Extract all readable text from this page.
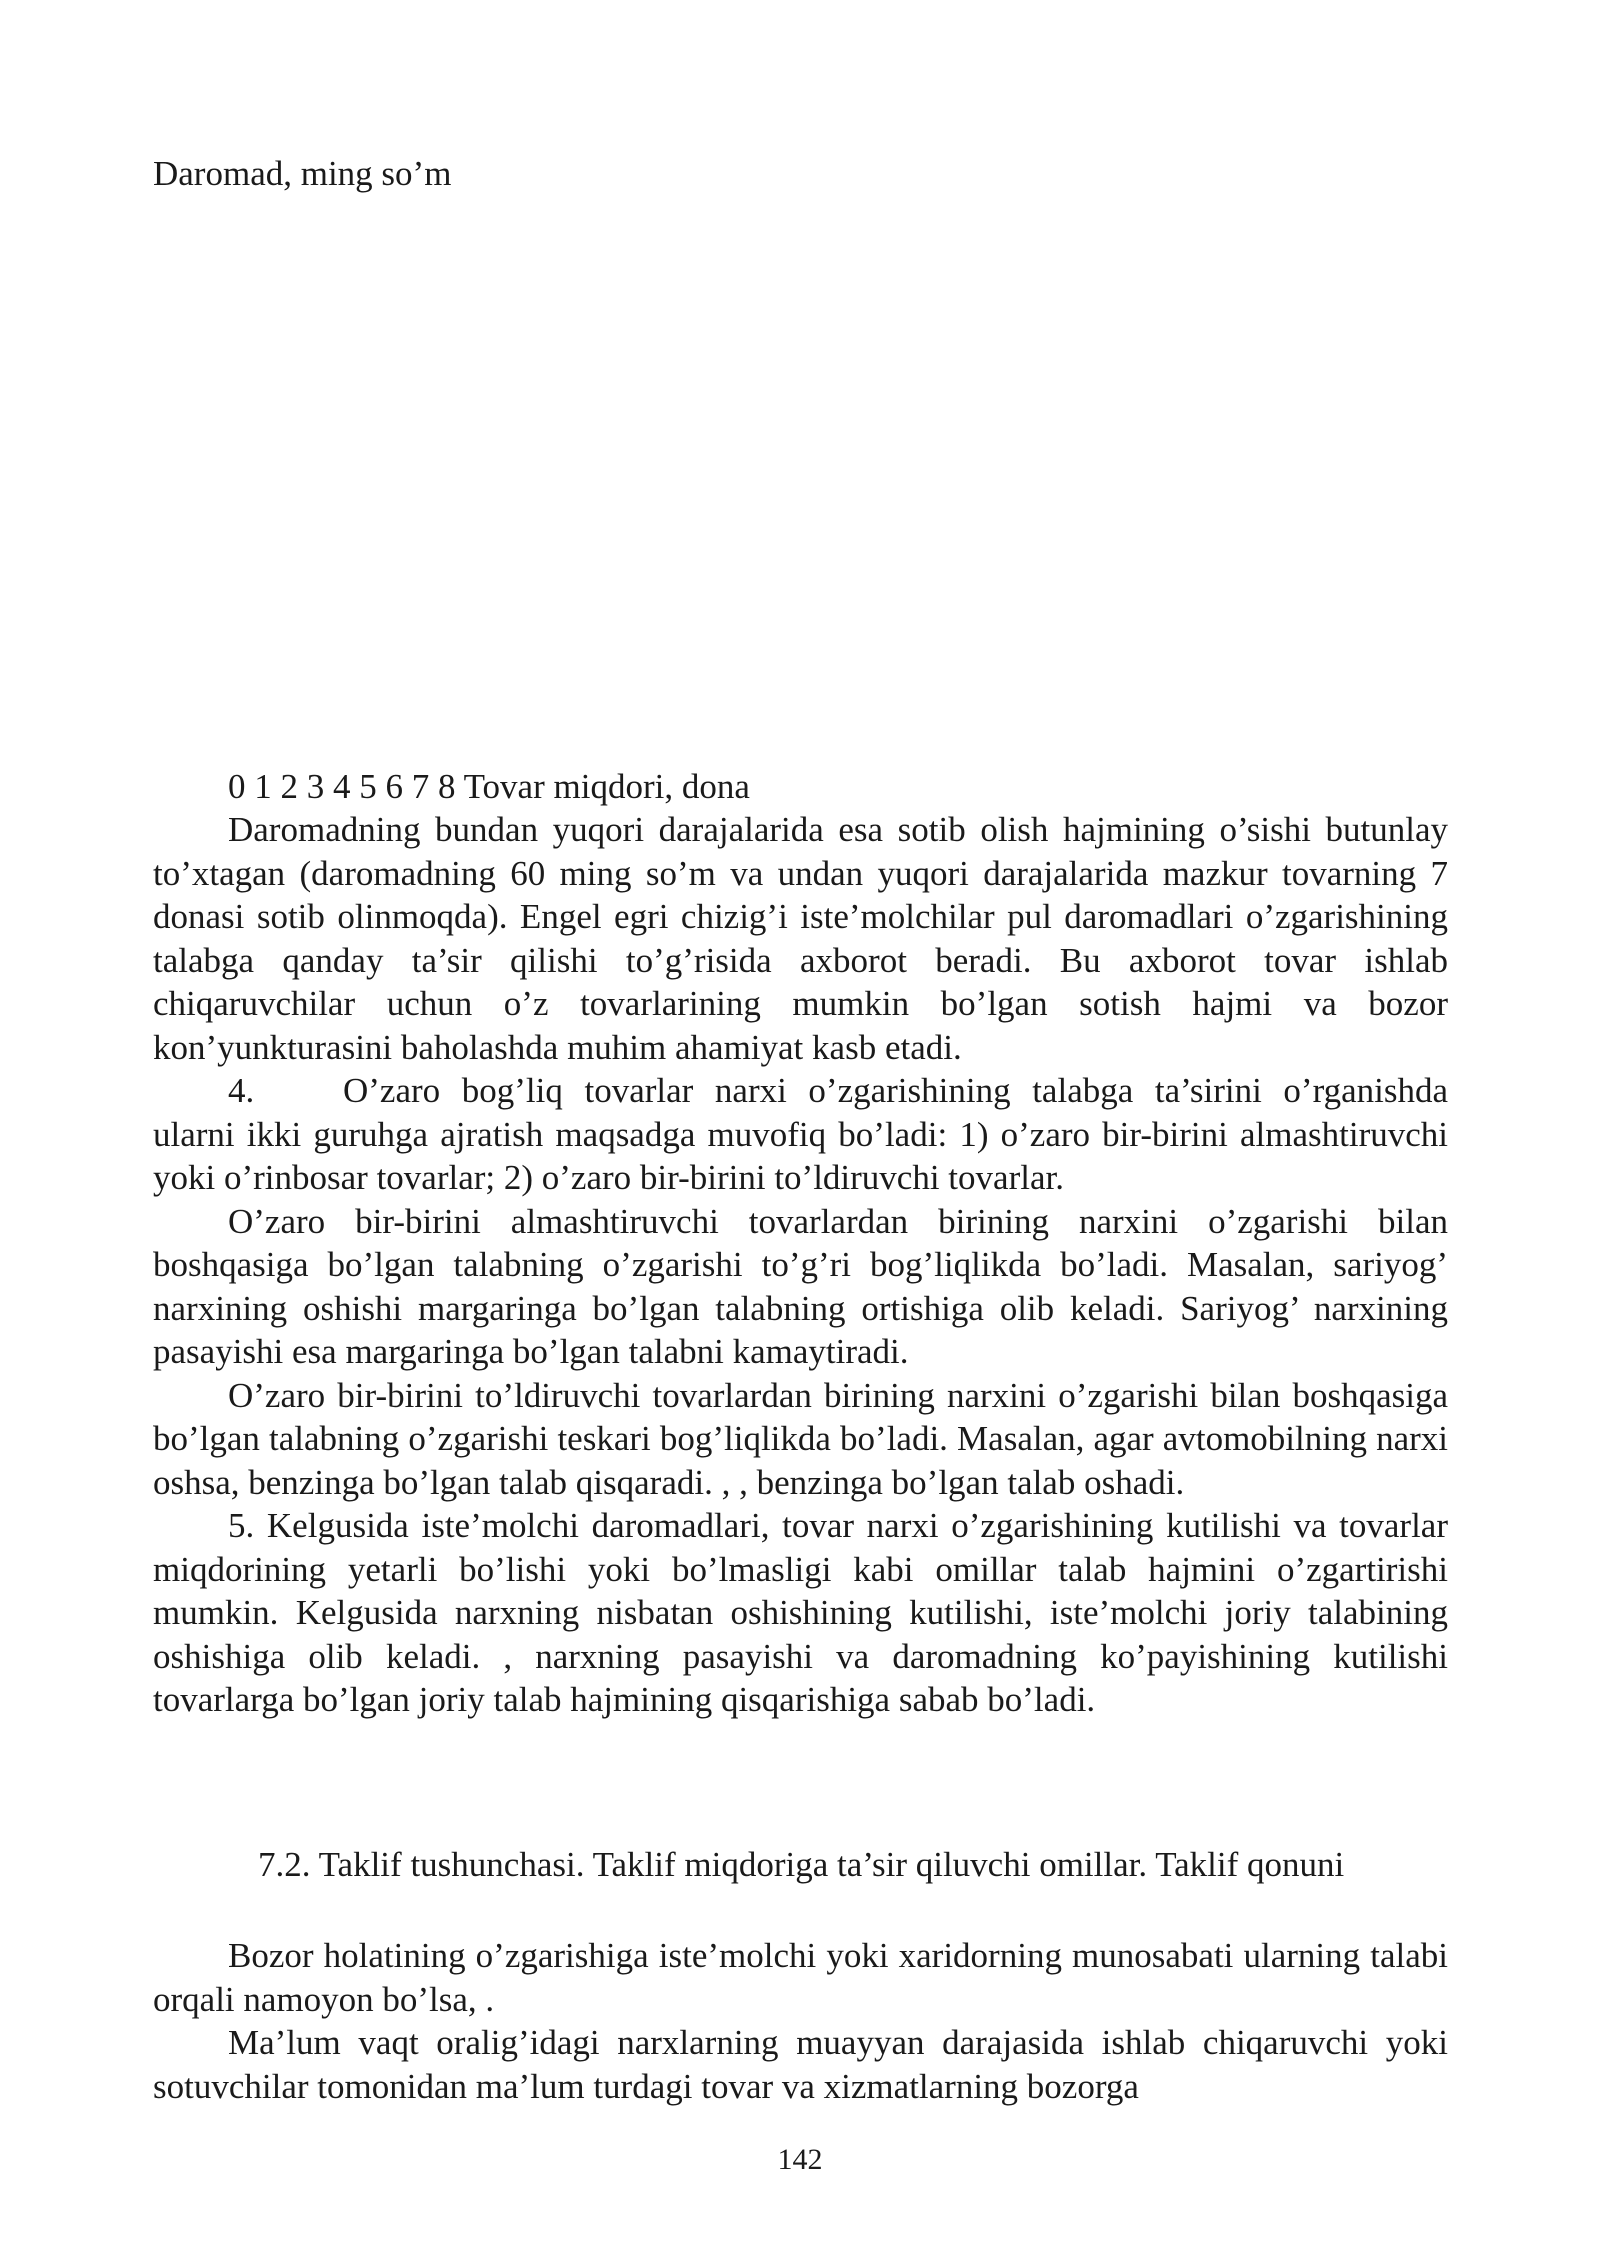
Daromad, ming so’m
0 1 2 3 4 5 6 7 8 Tovar miqdori, dona

Daromadning bundan yuqori darajalarida esa sotib olish hajmining o’sishi butunlay to’xtagan (daromadning 60 ming so’m va undan yuqori darajalarida mazkur tovarning 7 donasi sotib olinmoqda). Engel egri chizig’i iste’molchilar pul daromadlari o’zgarishining talabga qanday ta’sir qilishi to’g’risida axborot beradi. Bu axborot tovar ishlab chiqaruvchilar uchun o’z tovarlarining mumkin bo’lgan sotish hajmi va bozor kon’yunkturasini baholashda muhim ahamiyat kasb etadi.

4.	O’zaro bog’liq tovarlar narxi o’zgarishining talabga ta’sirini o’rganishda ularni ikki guruhga ajratish maqsadga muvofiq bo’ladi: 1) o’zaro bir-birini almashtiruvchi yoki o’rinbosar tovarlar; 2) o’zaro bir-birini to’ldiruvchi tovarlar.

O’zaro bir-birini almashtiruvchi tovarlardan birining narxini o’zgarishi bilan boshqasiga bo’lgan talabning o’zgarishi to’g’ri bog’liqlikda bo’ladi. Masalan, sariyog’ narxining oshishi margaringa bo’lgan talabning ortishiga olib keladi. Sariyog’ narxining pasayishi esa margaringa bo’lgan talabni kamaytiradi.

O’zaro bir-birini to’ldiruvchi tovarlardan birining narxini o’zgarishi bilan boshqasiga bo’lgan talabning o’zgarishi teskari bog’liqlikda bo’ladi. Masalan, agar avtomobilning narxi oshsa, benzinga bo’lgan talab qisqaradi. , , benzinga bo’lgan talab oshadi.

5. Kelgusida iste’molchi daromadlari, tovar narxi o’zgarishining kutilishi va tovarlar miqdorining yetarli bo’lishi yoki bo’lmasligi kabi omillar talab hajmini o’zgartirishi mumkin. Kelgusida narxning nisbatan oshishining kutilishi, iste’molchi joriy talabining oshishiga olib keladi. , narxning pasayishi va daromadning ko’payishining kutilishi tovarlarga bo’lgan joriy talab hajmining qisqarishiga sabab bo’ladi.

7.2. Taklif tushunchasi. Taklif miqdoriga ta’sir qiluvchi omillar. Taklif qonuni

Bozor holatining o’zgarishiga iste’molchi yoki xaridorning munosabati ularning talabi orqali namoyon bo’lsa, .

Ma’lum vaqt oralig’idagi narxlarning muayyan darajasida ishlab chiqaruvchi yoki sotuvchilar tomonidan ma’lum turdagi tovar va xizmatlarning bozorga

142
